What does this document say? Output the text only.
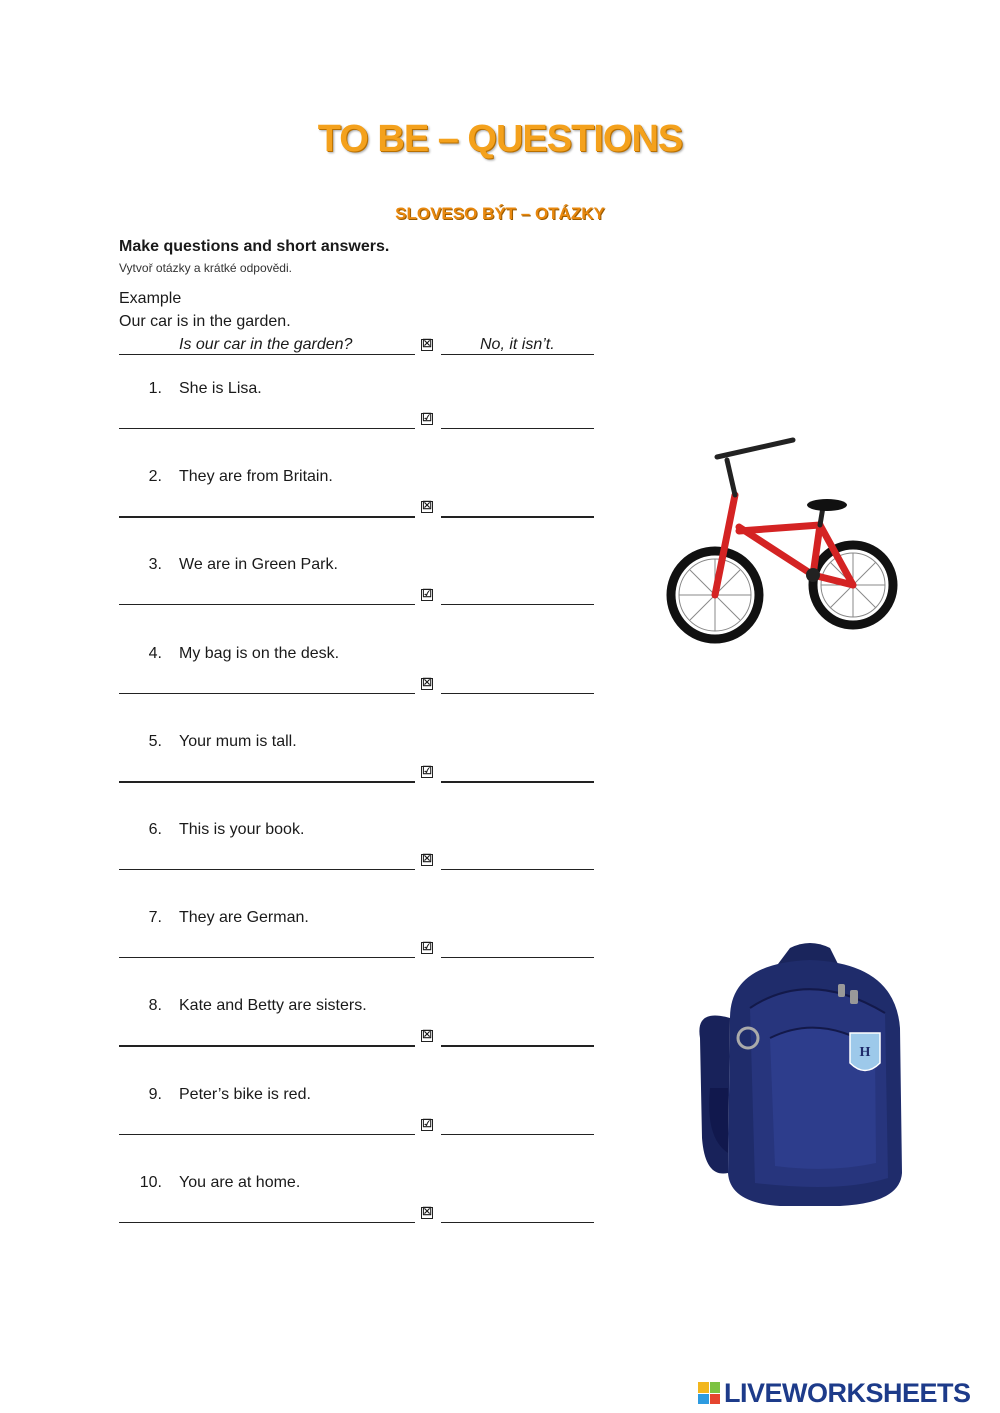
TO BE – QUESTIONS
SLOVESO BÝT – OTÁZKY
Make questions and short answers.
Vytvoř otázky a krátké odpovědi.
Example
Our car is in the garden.
Is our car in the garden?	☒	No, it isn’t.
1. She is Lisa.
☑
2. They are from Britain.
☒
3. We are in Green Park.
☑
4. My bag is on the desk.
☒
5. Your mum is tall.
☑
6. This is your book.
☒
7. They are German.
☑
8. Kate and Betty are sisters.
☒
9. Peter’s bike is red.
☑
10. You are at home.
☒
H
LIVEWORKSHEETS
